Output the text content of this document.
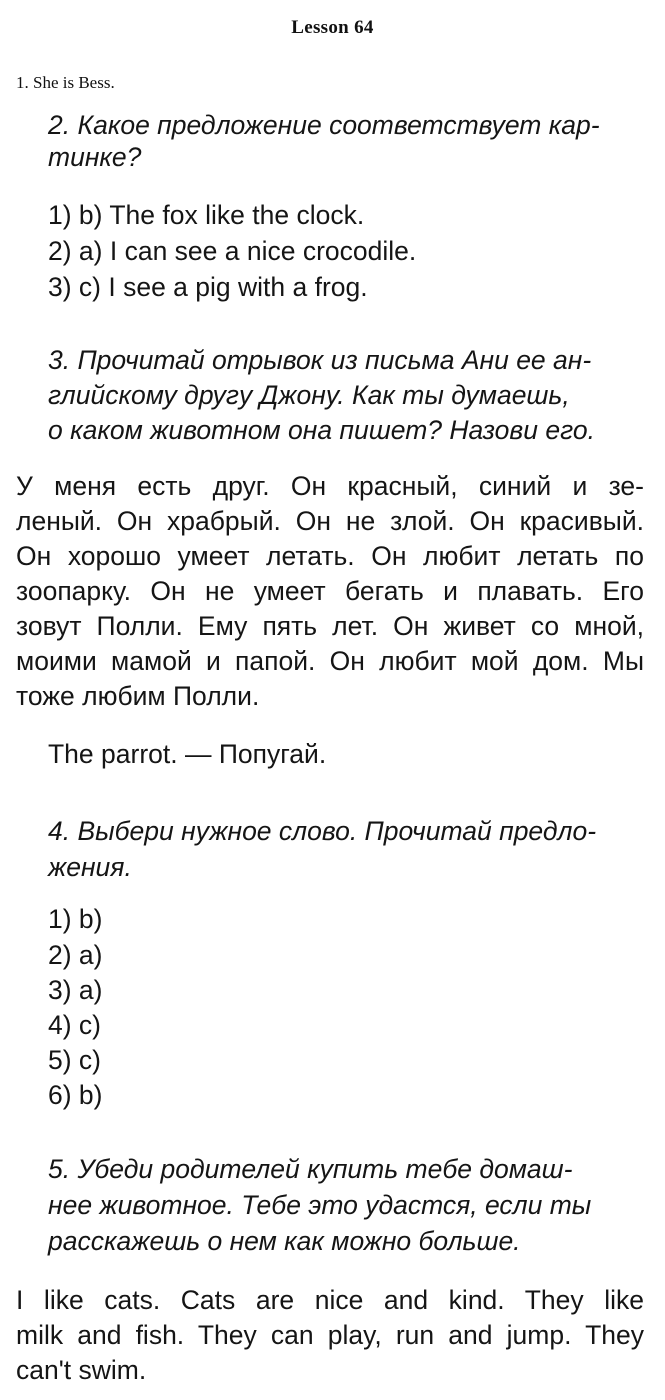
Lesson 64
1. She is Bess.
2. Какое предложение соответствует кар-
тинке?
1) b) The fox like the clock.
2) a) I can see a nice crocodile.
3) c) I see a pig with a frog.
3. Прочитай отрывок из письма Ани ее ан-
глийскому другу Джону. Как ты думаешь,
о каком животном она пишет? Назови его.
У меня есть друг. Он красный, синий и зе-
леный. Он храбрый. Он не злой. Он красивый.
Он хорошо умеет летать. Он любит летать по
зоопарку. Он не умеет бегать и плавать. Его
зовут Полли. Ему пять лет. Он живет со мной,
моими мамой и папой. Он любит мой дом. Мы
тоже любим Полли.
The parrot. — Попугай.
4. Выбери нужное слово. Прочитай предло-
жения.
1) b)
2) a)
3) a)
4) c)
5) c)
6) b)
5. Убеди родителей купить тебе домаш-
нее животное. Тебе это удастся, если ты
расскажешь о нем как можно больше.
I like cats. Cats are nice and kind. They like
milk and fish. They can play, run and jump. They
can't swim.
